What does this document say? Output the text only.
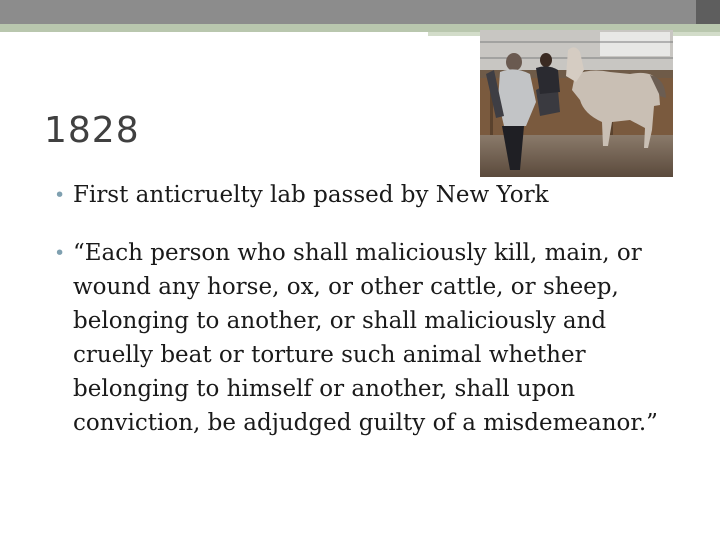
1828
• First anticruelty lab passed by New York
• “Each person who shall maliciously kill, main, or wound any horse, ox, or other cattle, or sheep, belonging to another, or shall maliciously and cruelly beat or torture such animal whether belonging to himself or another, shall upon conviction, be adjudged guilty of a misdemeanor.”
